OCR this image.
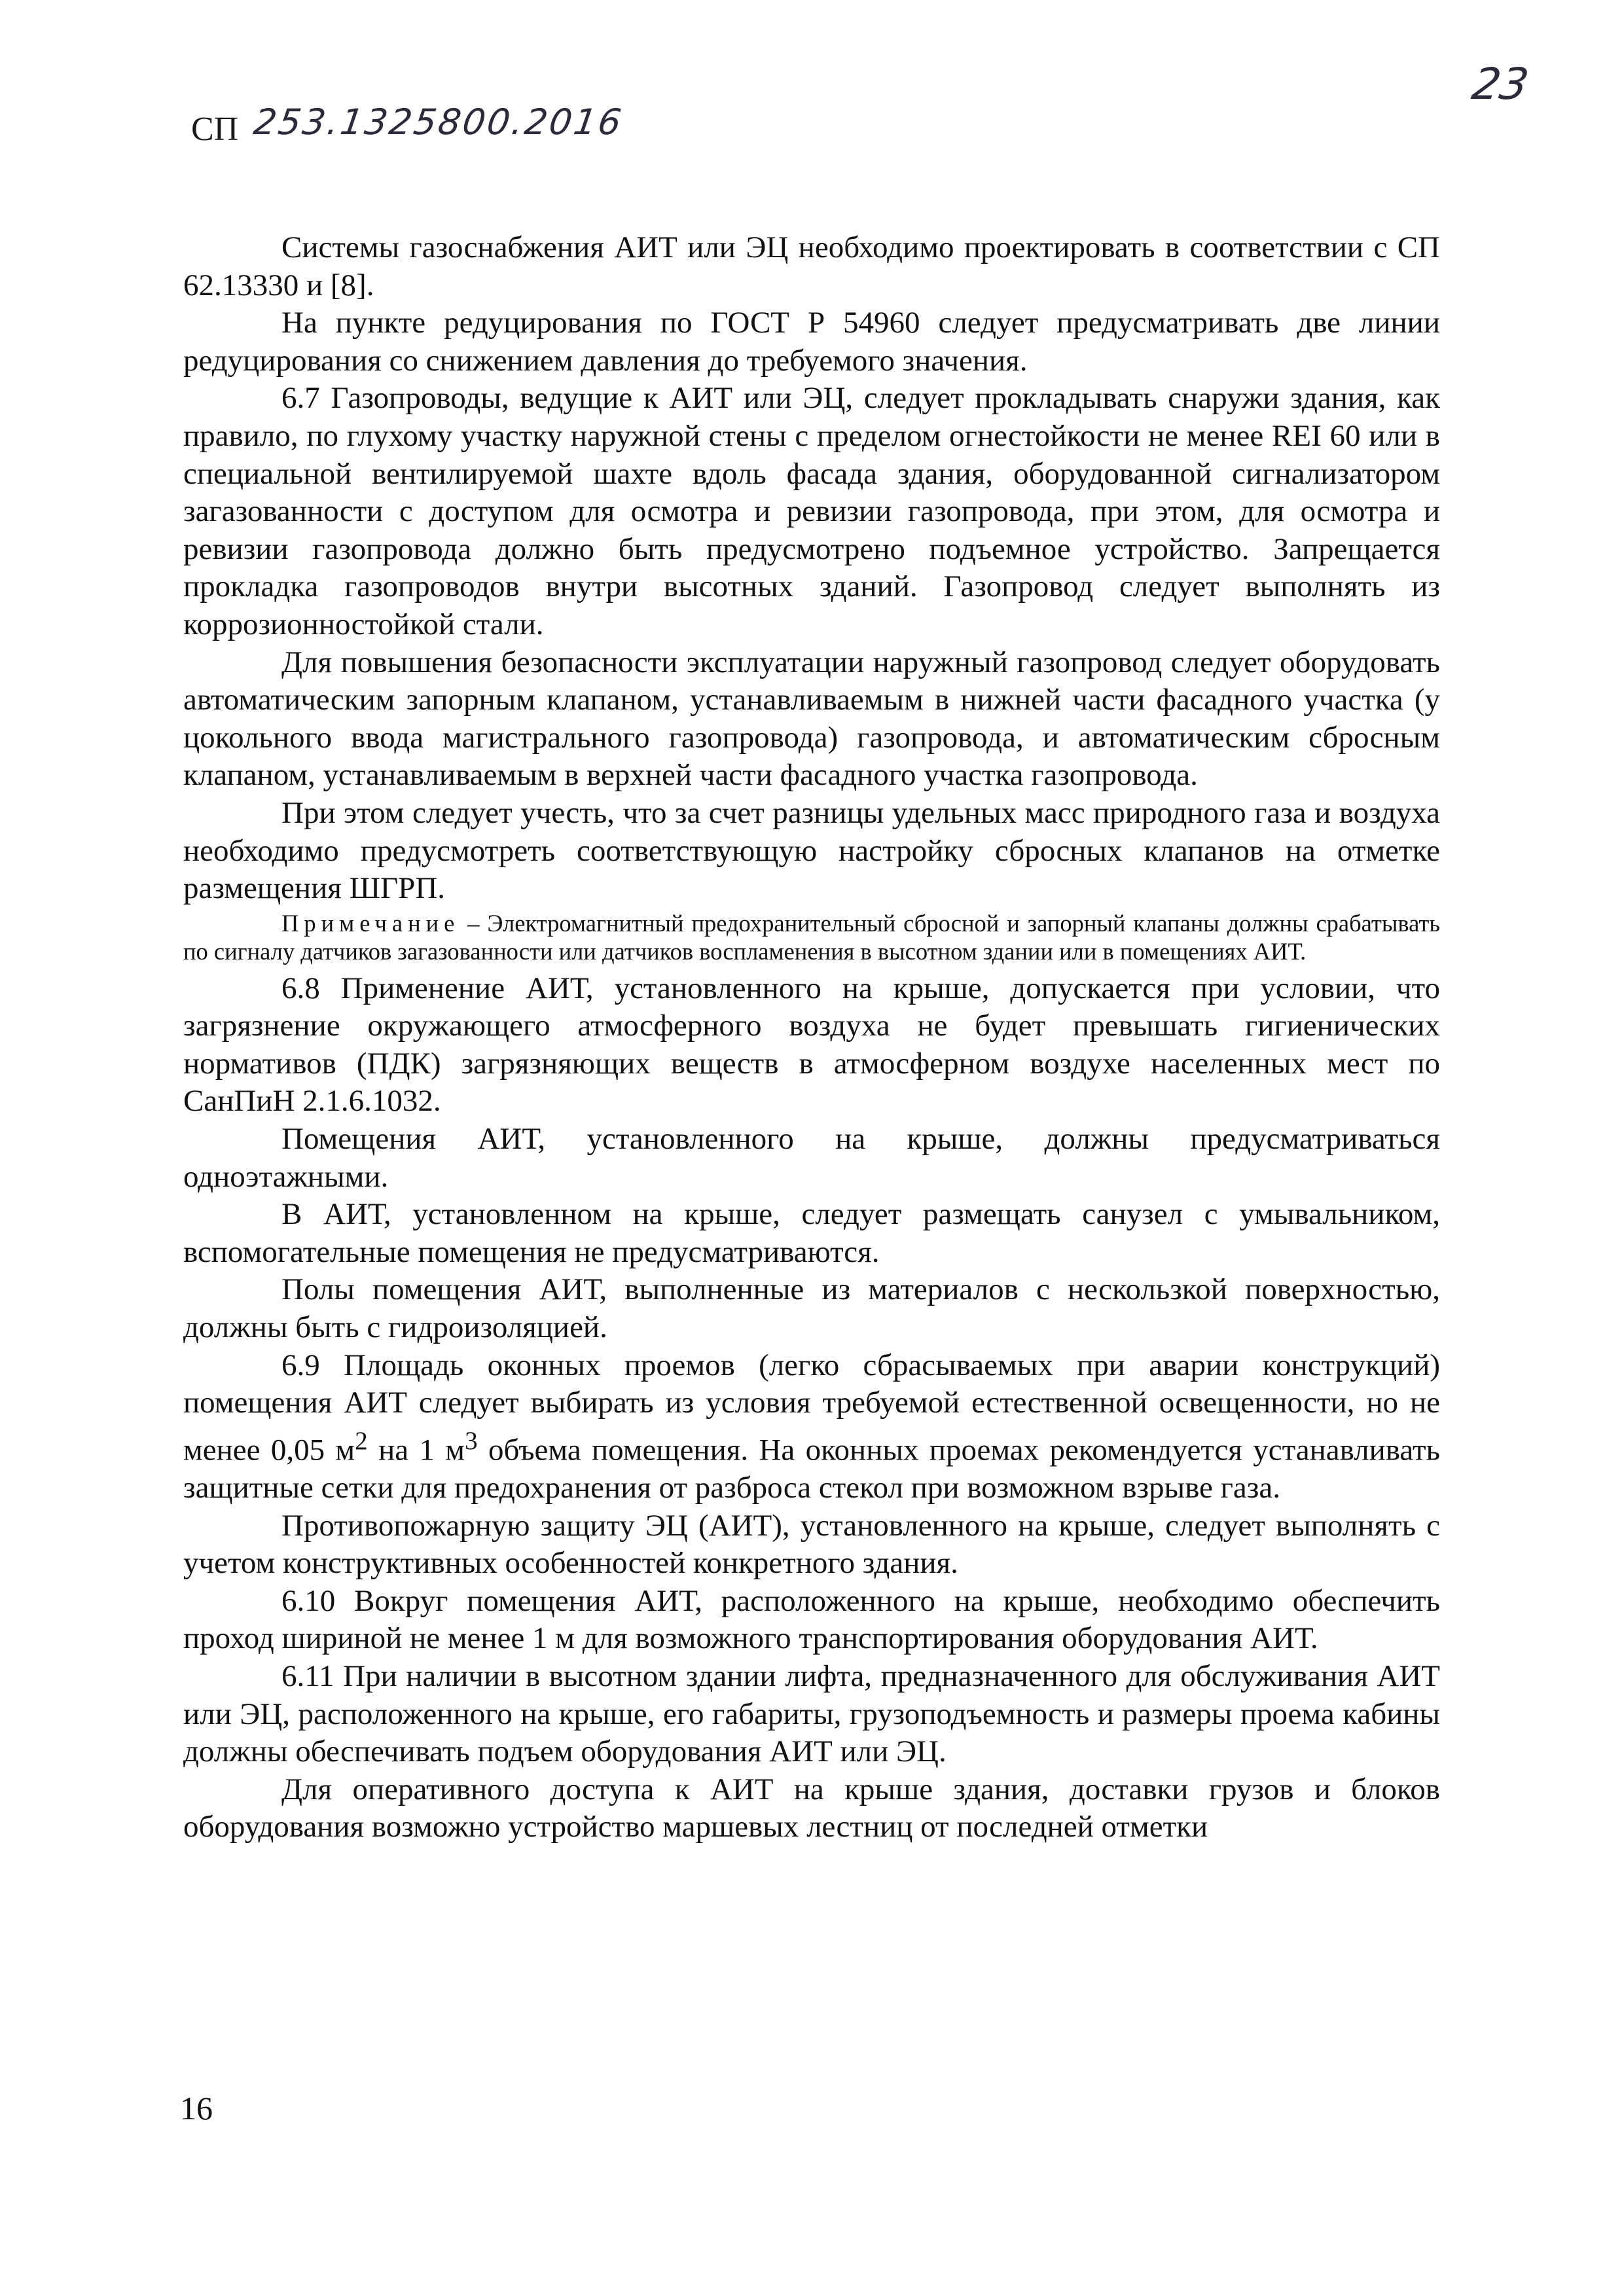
СП 253.1325800.2016
23

Системы газоснабжения АИТ или ЭЦ необходимо проектировать в соответствии с СП 62.13330 и [8].

На пункте редуцирования по ГОСТ Р 54960 следует предусматривать две линии редуцирования со снижением давления до требуемого значения.

6.7 Газопроводы, ведущие к АИТ или ЭЦ, следует прокладывать снаружи здания, как правило, по глухому участку наружной стены с пределом огнестойкости не менее REI 60 или в специальной вентилируемой шахте вдоль фасада здания, оборудованной сигнализатором загазованности с доступом для осмотра и ревизии газопровода, при этом, для осмотра и ревизии газопровода должно быть предусмотрено подъемное устройство. Запрещается прокладка газопроводов внутри высотных зданий. Газопровод следует выполнять из коррозионностойкой стали.

Для повышения безопасности эксплуатации наружный газопровод следует оборудовать автоматическим запорным клапаном, устанавливаемым в нижней части фасадного участка (у цокольного ввода магистрального газопровода) газопровода, и автоматическим сбросным клапаном, устанавливаемым в верхней части фасадного участка газопровода.

При этом следует учесть, что за счет разницы удельных масс природного газа и воздуха необходимо предусмотреть соответствующую настройку сбросных клапанов на отметке размещения ШГРП.

Примечание – Электромагнитный предохранительный сбросной и запорный клапаны должны срабатывать по сигналу датчиков загазованности или датчиков воспламенения в высотном здании или в помещениях АИТ.

6.8 Применение АИТ, установленного на крыше, допускается при условии, что загрязнение окружающего атмосферного воздуха не будет превышать гигиенических нормативов (ПДК) загрязняющих веществ в атмосферном воздухе населенных мест по СанПиН 2.1.6.1032.

Помещения АИТ, установленного на крыше, должны предусматриваться одноэтажными.

В АИТ, установленном на крыше, следует размещать санузел с умывальником, вспомогательные помещения не предусматриваются.

Полы помещения АИТ, выполненные из материалов с нескользкой поверхностью, должны быть с гидроизоляцией.

6.9 Площадь оконных проемов (легко сбрасываемых при аварии конструкций) помещения АИТ следует выбирать из условия требуемой естественной освещенности, но не менее 0,05 $м^2$ на 1 $м^3$ объема помещения. На оконных проемах рекомендуется устанавливать защитные сетки для предохранения от разброса стекол при возможном взрыве газа.

Противопожарную защиту ЭЦ (АИТ), установленного на крыше, следует выполнять с учетом конструктивных особенностей конкретного здания.

6.10 Вокруг помещения АИТ, расположенного на крыше, необходимо обеспечить проход шириной не менее 1 м для возможного транспортирования оборудования АИТ.

6.11 При наличии в высотном здании лифта, предназначенного для обслуживания АИТ или ЭЦ, расположенного на крыше, его габариты, грузоподъемность и размеры проема кабины должны обеспечивать подъем оборудования АИТ или ЭЦ.

Для оперативного доступа к АИТ на крыше здания, доставки грузов и блоков оборудования возможно устройство маршевых лестниц от последней отметки

16
